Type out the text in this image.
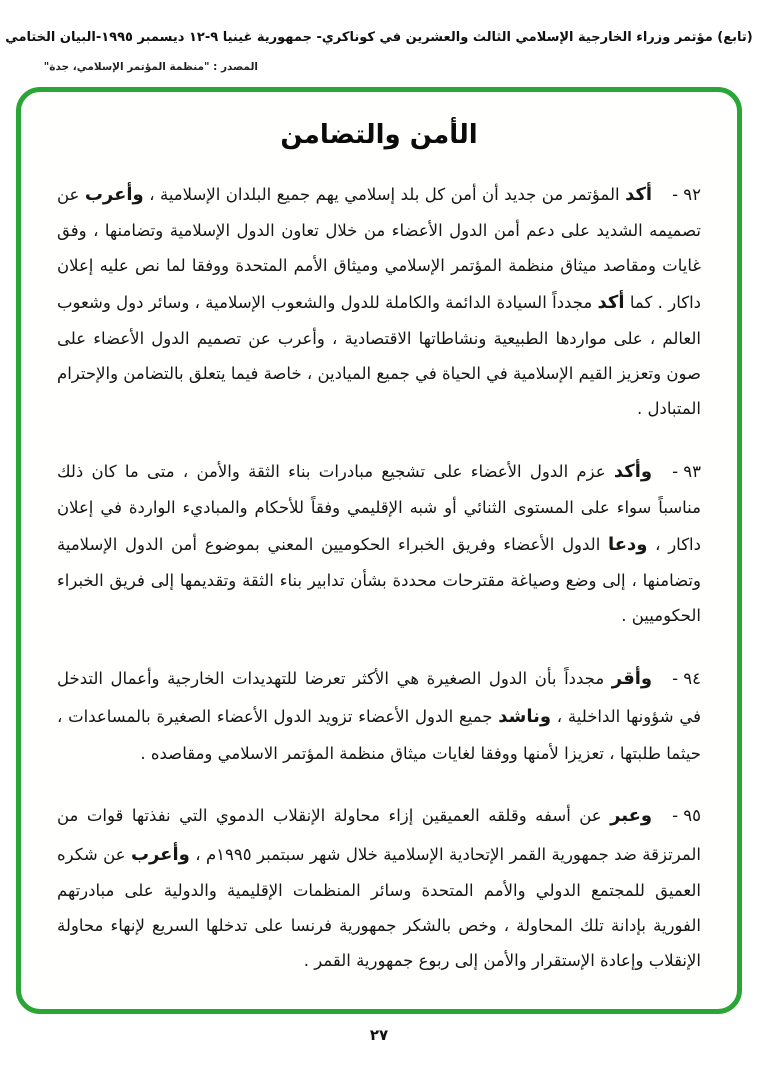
(تابع) مؤتمر وزراء الخارجية الإسلامي الثالث والعشرين في كوناكري- جمهورية غينيا ٩-١٢ ديسمبر ١٩٩٥-البيان الختامي
المصدر : "منظمة المؤتمر الإسلامي، جدة"
الأمن والتضامن
٩٢ -أكد المؤتمر من جديد أن أمن كل بلد إسلامي يهم جميع البلدان الإسلامية ، وأعرب عن تصميمه الشديد على دعم أمن الدول الأعضاء من خلال تعاون الدول الإسلامية وتضامنها ، وفق غايات ومقاصد ميثاق منظمة المؤتمر الإسلامي وميثاق الأمم المتحدة ووفقا لما نص عليه إعلان داكار . كما أكد مجدداً السيادة الدائمة والكاملة للدول والشعوب الإسلامية ، وسائر دول وشعوب العالم ، على مواردها الطبيعية ونشاطاتها الاقتصادية ، وأعرب عن تصميم الدول الأعضاء على صون وتعزيز القيم الإسلامية في الحياة في جميع الميادين ، خاصة فيما يتعلق بالتضامن والإحترام المتبادل .
٩٣ -وأكد عزم الدول الأعضاء على تشجيع مبادرات بناء الثقة والأمن ، متى ما كان ذلك مناسباً سواء على المستوى الثنائي أو شبه الإقليمي وفقاً للأحكام والمباديء الواردة في إعلان داكار ، ودعا الدول الأعضاء وفريق الخبراء الحكوميين المعني بموضوع أمن الدول الإسلامية وتضامنها ، إلى وضع وصياغة مقترحات محددة بشأن تدابير بناء الثقة وتقديمها إلى فريق الخبراء الحكوميين .
٩٤ -وأقر مجدداً بأن الدول الصغيرة هي الأكثر تعرضا للتهديدات الخارجية وأعمال التدخل في شؤونها الداخلية ، وناشد جميع الدول الأعضاء تزويد الدول الأعضاء الصغيرة بالمساعدات ، حيثما طلبتها ، تعزيزا لأمنها ووفقا لغايات ميثاق منظمة المؤتمر الاسلامي ومقاصده .
٩٥ -وعبر عن أسفه وقلقه العميقين إزاء محاولة الإنقلاب الدموي التي نفذتها قوات من المرتزقة ضد جمهورية القمر الإتحادية الإسلامية خلال شهر سبتمبر ١٩٩٥م ، وأعرب عن شكره العميق للمجتمع الدولي والأمم المتحدة وسائر المنظمات الإقليمية والدولية على مبادرتهم الفورية بإدانة تلك المحاولة ، وخص بالشكر جمهورية فرنسا على تدخلها السريع لإنهاء محاولة الإنقلاب وإعادة الإستقرار والأمن إلى ربوع جمهورية القمر .
٢٧
